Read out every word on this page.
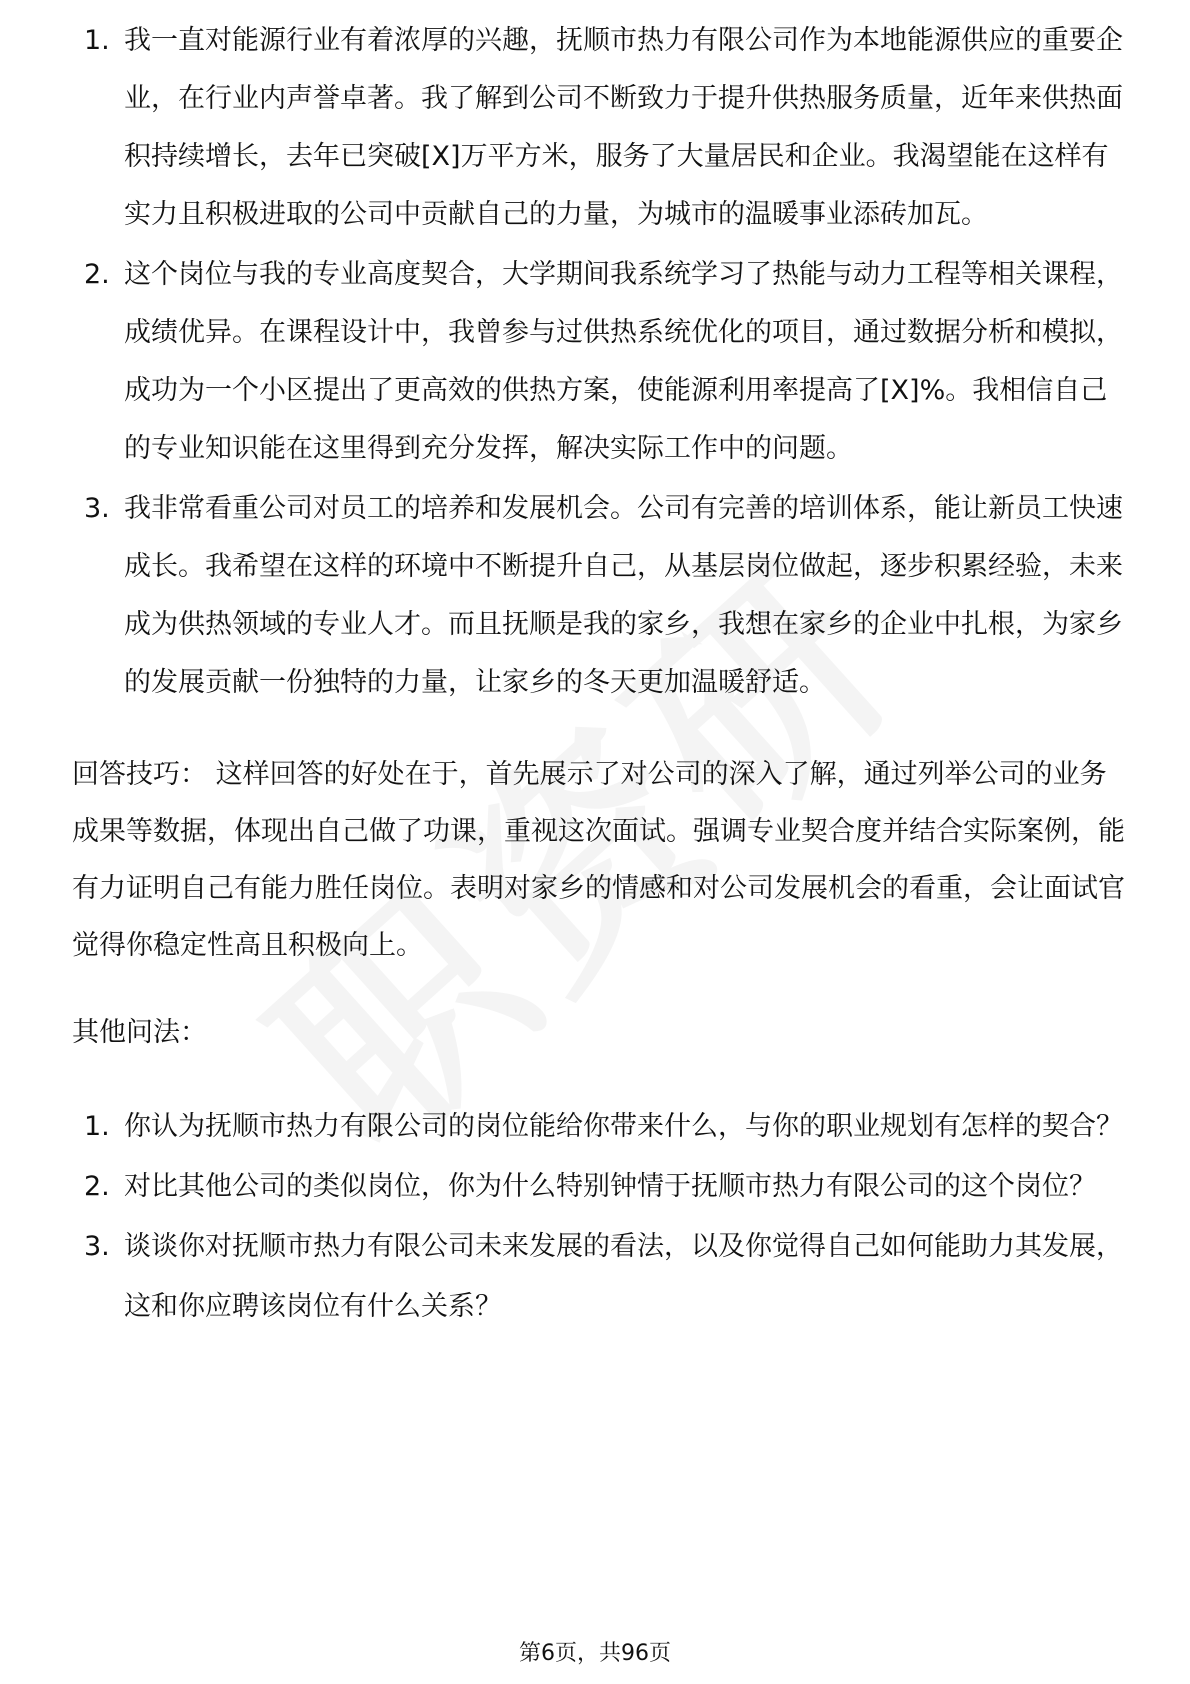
1. 我一直对能源行业有着浓厚的兴趣，抚顺市热力有限公司作为本地能源供应的重要企业，在行业内声誉卓著。我了解到公司不断致力于提升供热服务质量，近年来供热面积持续增长，去年已突破[X]万平方米，服务了大量居民和企业。我渴望能在这样有实力且积极进取的公司中贡献自己的力量，为城市的温暖事业添砖加瓦。
2. 这个岗位与我的专业高度契合，大学期间我系统学习了热能与动力工程等相关课程，成绩优异。在课程设计中，我曾参与过供热系统优化的项目，通过数据分析和模拟，成功为一个小区提出了更高效的供热方案，使能源利用率提高了[X]%。我相信自己的专业知识能在这里得到充分发挥，解决实际工作中的问题。
3. 我非常看重公司对员工的培养和发展机会。公司有完善的培训体系，能让新员工快速成长。我希望在这样的环境中不断提升自己，从基层岗位做起，逐步积累经验，未来成为供热领域的专业人才。而且抚顺是我的家乡，我想在家乡的企业中扎根，为家乡的发展贡献一份独特的力量，让家乡的冬天更加温暖舒适。

回答技巧： 这样回答的好处在于，首先展示了对公司的深入了解，通过列举公司的业务成果等数据，体现出自己做了功课，重视这次面试。强调专业契合度并结合实际案例，能有力证明自己有能力胜任岗位。表明对家乡的情感和对公司发展机会的看重，会让面试官觉得你稳定性高且积极向上。

其他问法：
1. 你认为抚顺市热力有限公司的岗位能给你带来什么，与你的职业规划有怎样的契合？
2. 对比其他公司的类似岗位，你为什么特别钟情于抚顺市热力有限公司的这个岗位？
3. 谈谈你对抚顺市热力有限公司未来发展的看法，以及你觉得自己如何能助力其发展，这和你应聘该岗位有什么关系？
第6页，共96页
